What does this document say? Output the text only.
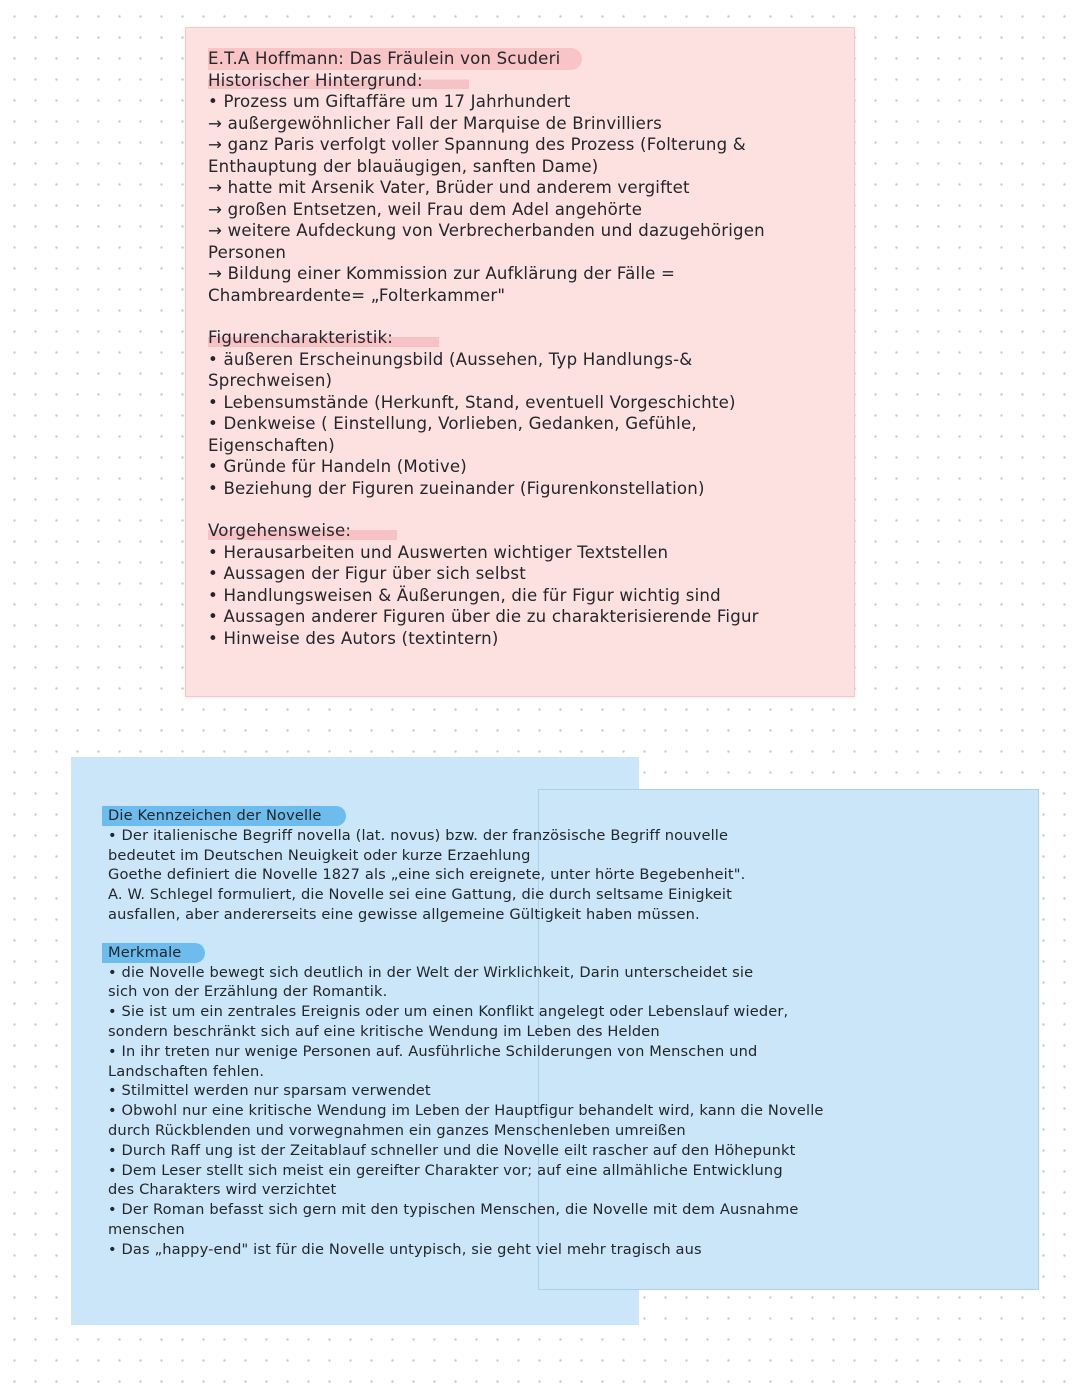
E.T.A Hoffmann: Das Fräulein von Scuderi
Historischer Hintergrund:
• Prozess um Giftaffäre um 17 Jahrhundert
→ außergewöhnlicher Fall der Marquise de Brinvilliers
→ ganz Paris verfolgt voller Spannung des Prozess (Folterung &
Enthauptung der blauäugigen, sanften Dame)
→ hatte mit Arsenik Vater, Brüder und anderem vergiftet
→ großen Entsetzen, weil Frau dem Adel angehörte
→ weitere Aufdeckung von Verbrecherbanden und dazugehörigen
Personen
→ Bildung einer Kommission zur Aufklärung der Fälle =
Chambreardente= „Folterkammer"
Figurencharakteristik:
• äußeren Erscheinungsbild (Aussehen, Typ Handlungs-&
Sprechweisen)
• Lebensumstände (Herkunft, Stand, eventuell Vorgeschichte)
• Denkweise ( Einstellung, Vorlieben, Gedanken, Gefühle,
Eigenschaften)
• Gründe für Handeln (Motive)
• Beziehung der Figuren zueinander (Figurenkonstellation)
Vorgehensweise:
• Herausarbeiten und Auswerten wichtiger Textstellen
• Aussagen der Figur über sich selbst
• Handlungsweisen & Äußerungen, die für Figur wichtig sind
• Aussagen anderer Figuren über die zu charakterisierende Figur
• Hinweise des Autors (textintern)
Die Kennzeichen der Novelle
• Der italienische Begriff novella (lat. novus) bzw. der französische Begriff nouvelle
bedeutet im Deutschen Neuigkeit oder kurze Erzaehlung
Goethe definiert die Novelle 1827 als „eine sich ereignete, unter hörte Begebenheit".
A. W. Schlegel formuliert, die Novelle sei eine Gattung, die durch seltsame Einigkeit
ausfallen, aber andererseits eine gewisse allgemeine Gültigkeit haben müssen.
Merkmale
• die Novelle bewegt sich deutlich in der Welt der Wirklichkeit, Darin unterscheidet sie
sich von der Erzählung der Romantik.
• Sie ist um ein zentrales Ereignis oder um einen Konflikt angelegt oder Lebenslauf wieder,
sondern beschränkt sich auf eine kritische Wendung im Leben des Helden
• In ihr treten nur wenige Personen auf. Ausführliche Schilderungen von Menschen und
Landschaften fehlen.
• Stilmittel werden nur sparsam verwendet
• Obwohl nur eine kritische Wendung im Leben der Hauptfigur behandelt wird, kann die Novelle
durch Rückblenden und vorwegnahmen ein ganzes Menschenleben umreißen
• Durch Raff ung ist der Zeitablauf schneller und die Novelle eilt rascher auf den Höhepunkt
• Dem Leser stellt sich meist ein gereifter Charakter vor; auf eine allmähliche Entwicklung
des Charakters wird verzichtet
• Der Roman befasst sich gern mit den typischen Menschen, die Novelle mit dem Ausnahme
menschen
• Das „happy-end" ist für die Novelle untypisch, sie geht viel mehr tragisch aus
